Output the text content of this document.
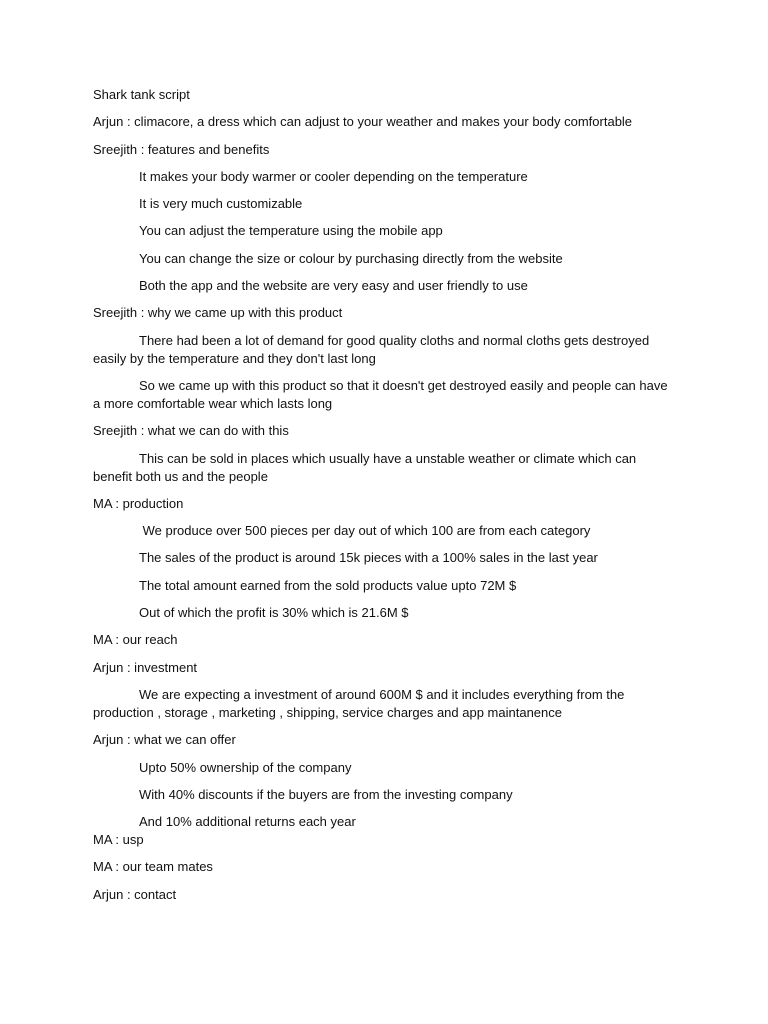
Shark tank script

Arjun : climacore, a dress which can adjust to your weather and makes your body comfortable

Sreejith : features and benefits

It makes your body warmer or cooler depending on the temperature

It is very much customizable

You can adjust the temperature using the mobile app

You can change the size or colour by purchasing directly from the website

Both the app and the website are very easy and user friendly to use

Sreejith : why we came up with this product

There had been a lot of demand for good quality cloths and normal cloths gets destroyed easily by the temperature and they don't last long

So we came up with this product so that it doesn't get destroyed easily and people can have a more comfortable wear which lasts long

Sreejith : what we can do with this

This can be sold in places which usually have a unstable weather or climate which can benefit both us and the people

MA : production

We produce over 500 pieces per day out of which 100 are from each category

The sales of the product is around 15k pieces with a 100% sales in the last year

The total amount earned from the sold products value upto 72M $

Out of which the profit is 30% which is 21.6M $

MA : our reach

Arjun : investment

We are expecting a investment of around 600M $ and it includes everything from the production , storage , marketing , shipping, service charges and app maintanence

Arjun : what we can offer

Upto 50% ownership of the company

With 40% discounts if the buyers are from the investing company

And 10% additional returns each year

MA : usp

MA : our team mates

Arjun : contact
